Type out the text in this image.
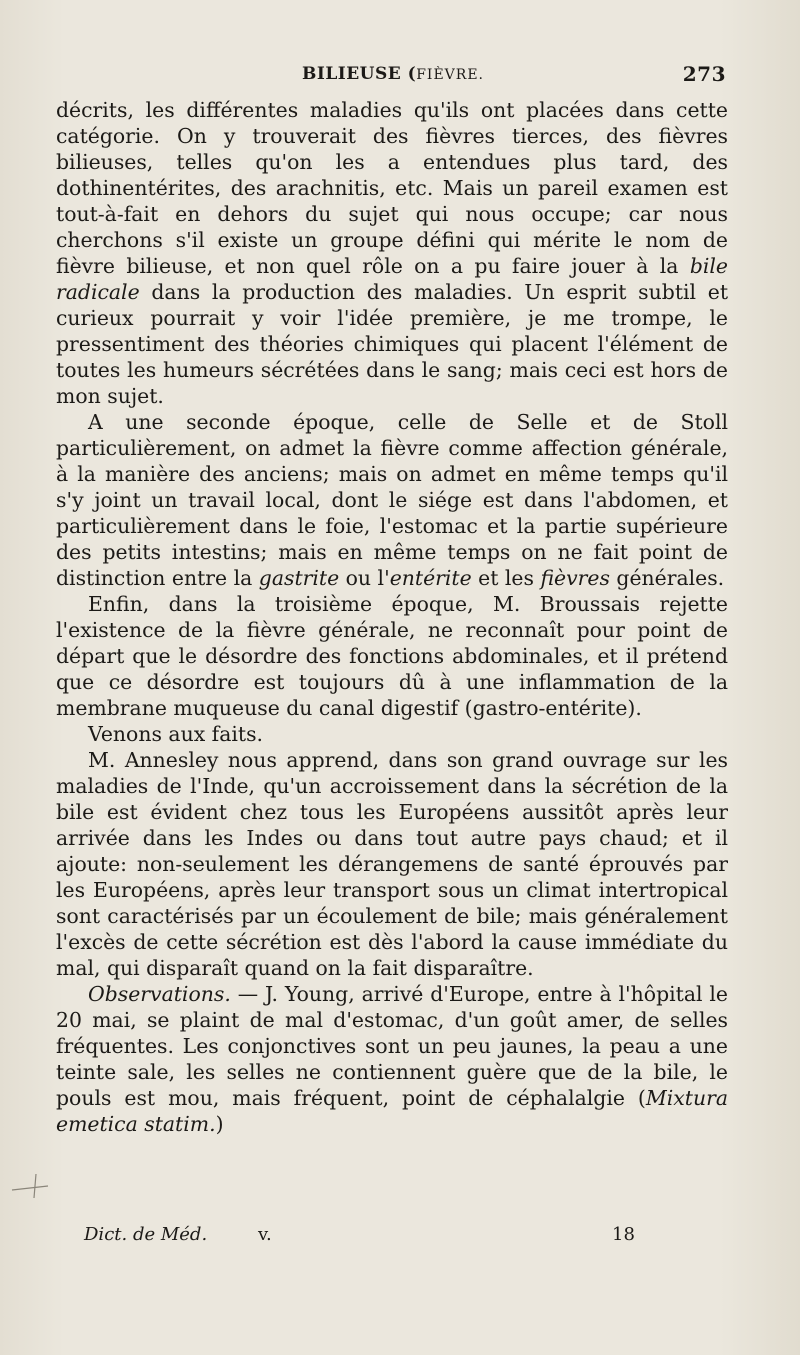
BILIEUSE (FIÈVRE.	273

décrits, les différentes maladies qu'ils ont placées dans cette catégorie. On y trouverait des fièvres tierces, des fièvres bilieuses, telles qu'on les a entendues plus tard, des dothinentérites, des arachnitis, etc. Mais un pareil examen est tout-à-fait en dehors du sujet qui nous occupe; car nous cherchons s'il existe un groupe défini qui mérite le nom de fièvre bilieuse, et non quel rôle on a pu faire jouer à la bile radicale dans la production des maladies. Un esprit subtil et curieux pourrait y voir l'idée première, je me trompe, le pressentiment des théories chimiques qui placent l'élément de toutes les humeurs sécrétées dans le sang; mais ceci est hors de mon sujet.

A une seconde époque, celle de Selle et de Stoll particulièrement, on admet la fièvre comme affection générale, à la manière des anciens; mais on admet en même temps qu'il s'y joint un travail local, dont le siége est dans l'abdomen, et particulièrement dans le foie, l'estomac et la partie supérieure des petits intestins; mais en même temps on ne fait point de distinction entre la gastrite ou l'entérite et les fièvres générales.

Enfin, dans la troisième époque, M. Broussais rejette l'existence de la fièvre générale, ne reconnaît pour point de départ que le désordre des fonctions abdominales, et il prétend que ce désordre est toujours dû à une inflammation de la membrane muqueuse du canal digestif (gastro-entérite).

Venons aux faits.

M. Annesley nous apprend, dans son grand ouvrage sur les maladies de l'Inde, qu'un accroissement dans la sécrétion de la bile est évident chez tous les Européens aussitôt après leur arrivée dans les Indes ou dans tout autre pays chaud; et il ajoute: non-seulement les dérangemens de santé éprouvés par les Européens, après leur transport sous un climat intertropical sont caractérisés par un écoulement de bile; mais généralement l'excès de cette sécrétion est dès l'abord la cause immédiate du mal, qui disparaît quand on la fait disparaître.

Observations. — J. Young, arrivé d'Europe, entre à l'hôpital le 20 mai, se plaint de mal d'estomac, d'un goût amer, de selles fréquentes. Les conjonctives sont un peu jaunes, la peau a une teinte sale, les selles ne contiennent guère que de la bile, le pouls est mou, mais fréquent, point de céphalalgie (Mixtura emetica statim.)

Dict. de Méd.	v.	18
